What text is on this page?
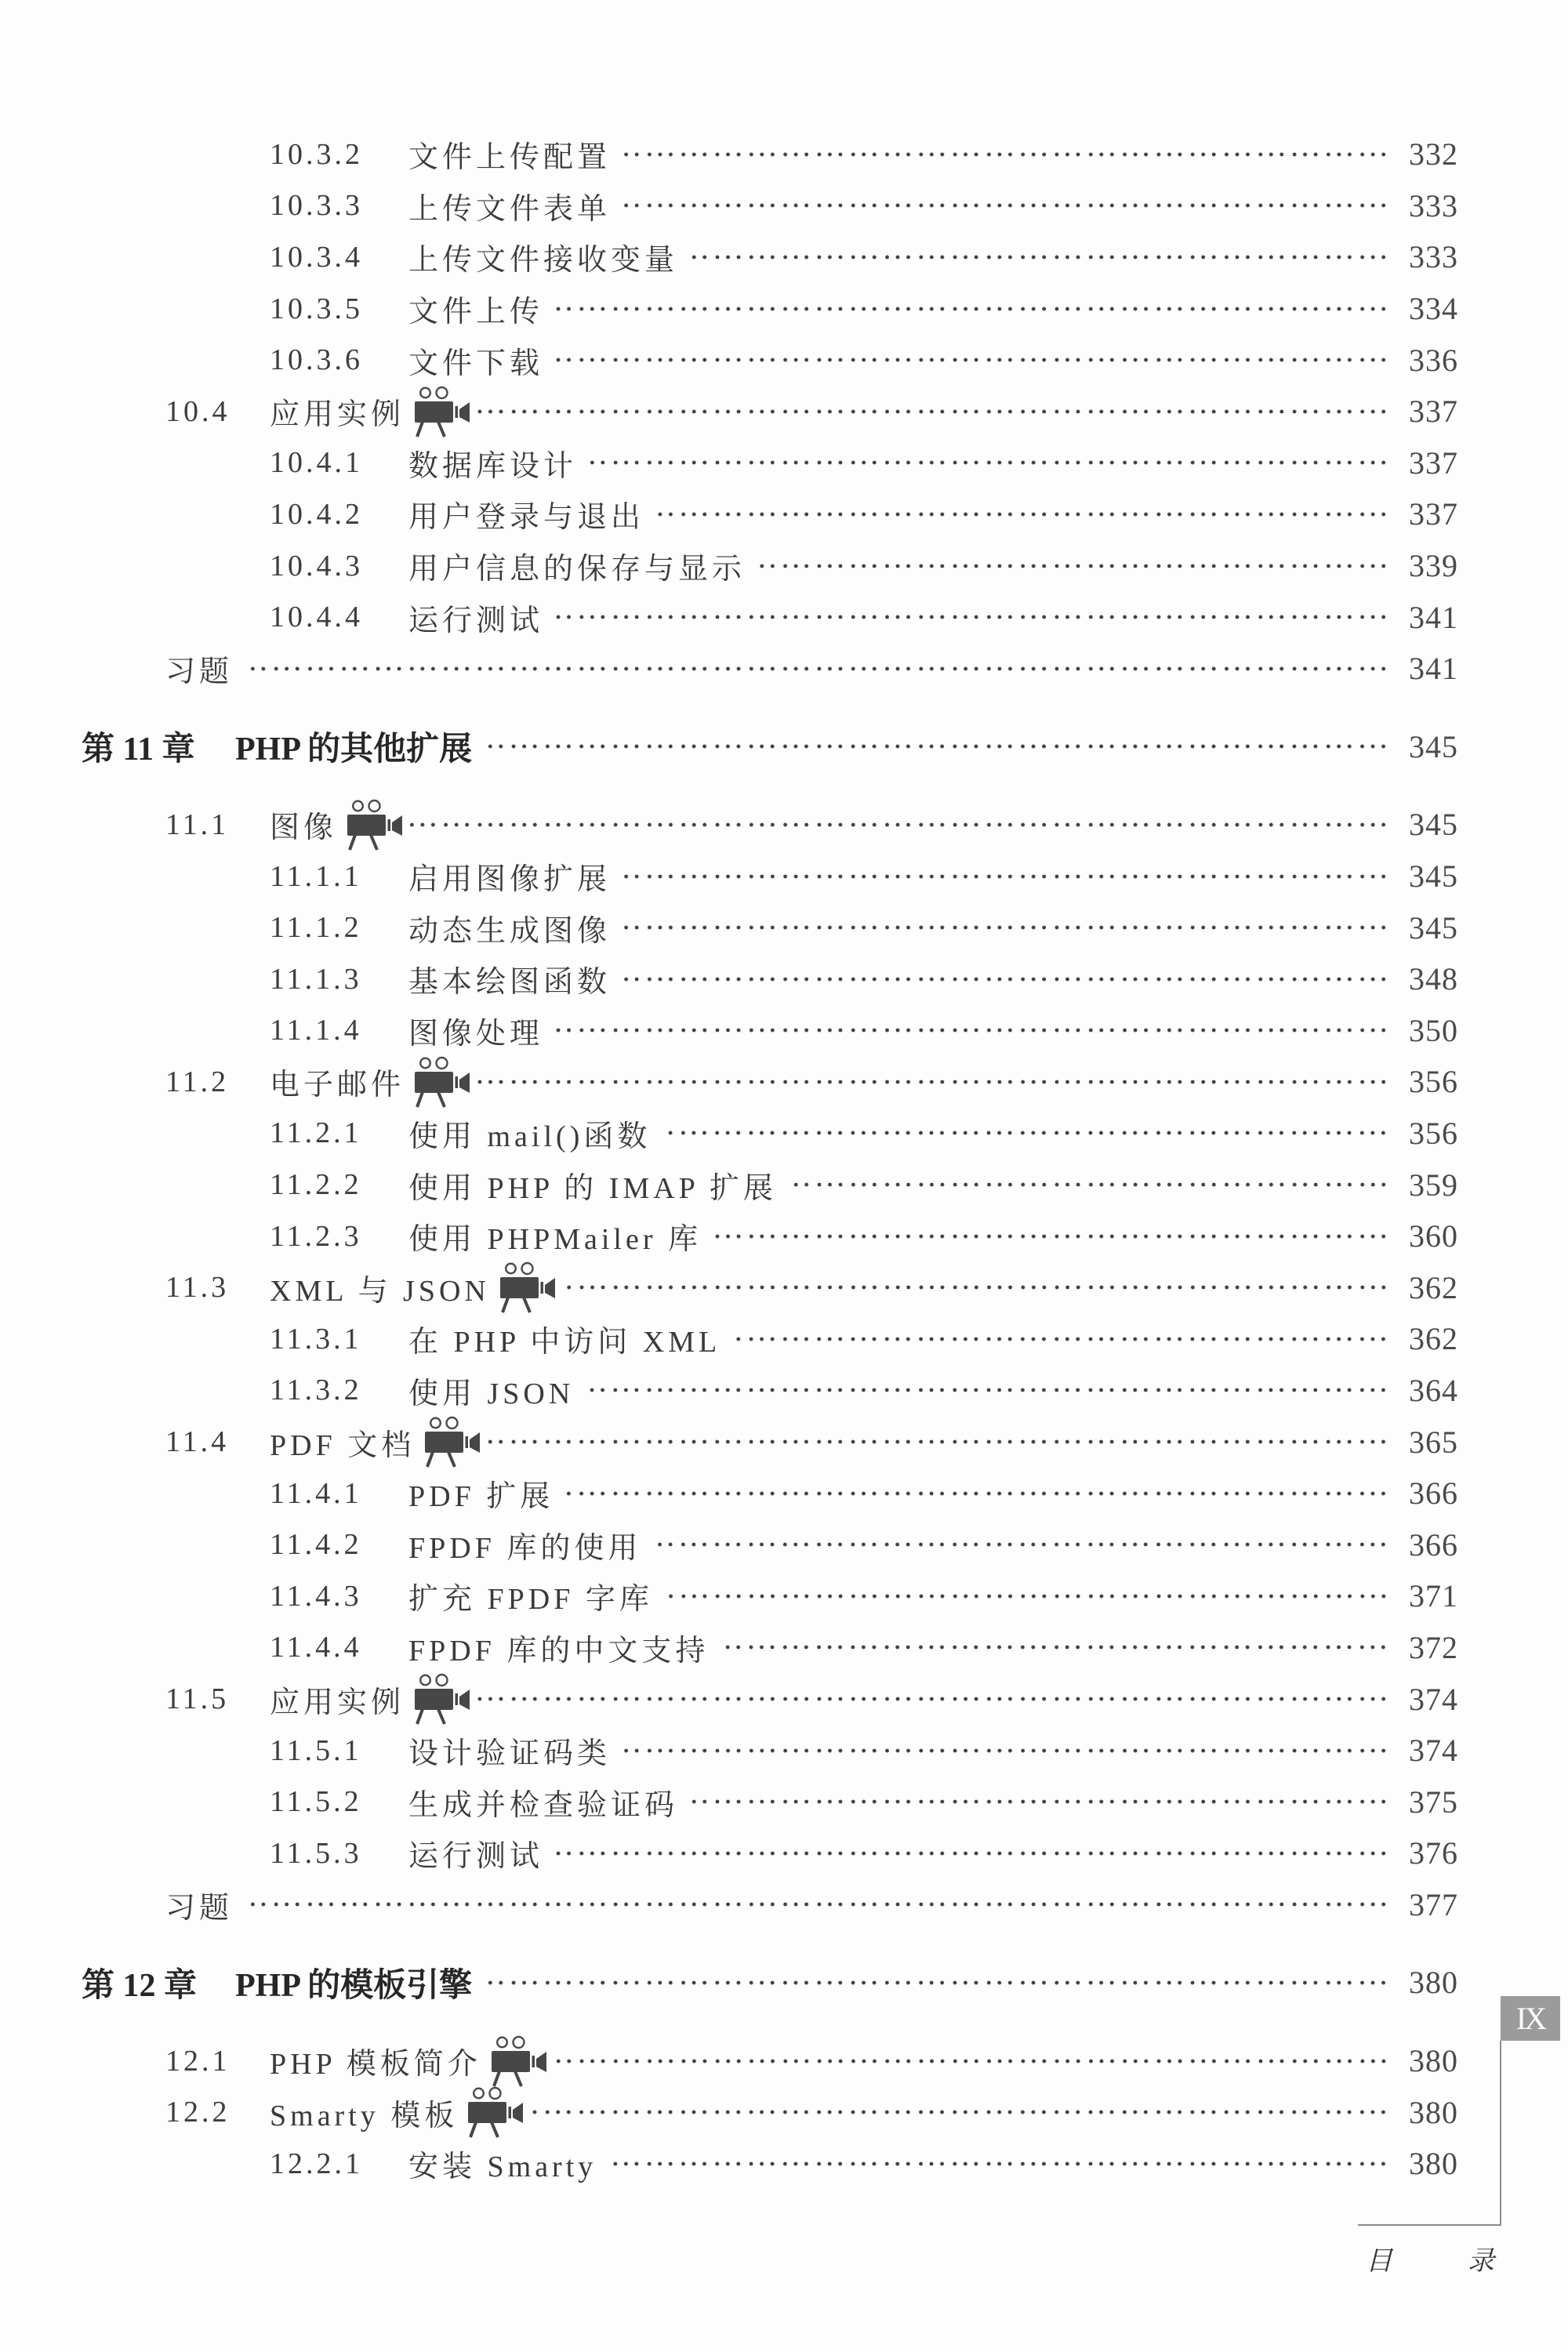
10.3.2	文件上传配置	332
10.3.3	上传文件表单	333
10.3.4	上传文件接收变量	333
10.3.5	文件上传	334
10.3.6	文件下载	336
10.4	应用实例	337
10.4.1	数据库设计	337
10.4.2	用户登录与退出	337
10.4.3	用户信息的保存与显示	339
10.4.4	运行测试	341
习题	341
第 11 章	PHP 的其他扩展	345
11.1	图像	345
11.1.1	启用图像扩展	345
11.1.2	动态生成图像	345
11.1.3	基本绘图函数	348
11.1.4	图像处理	350
11.2	电子邮件	356
11.2.1	使用 mail()函数	356
11.2.2	使用 PHP 的 IMAP 扩展	359
11.2.3	使用 PHPMailer 库	360
11.3	XML 与 JSON	362
11.3.1	在 PHP 中访问 XML	362
11.3.2	使用 JSON	364
11.4	PDF 文档	365
11.4.1	PDF 扩展	366
11.4.2	FPDF 库的使用	366
11.4.3	扩充 FPDF 字库	371
11.4.4	FPDF 库的中文支持	372
11.5	应用实例	374
11.5.1	设计验证码类	374
11.5.2	生成并检查验证码	375
11.5.3	运行测试	376
习题	377
第 12 章	PHP 的模板引擎	380
12.1	PHP 模板简介	380
12.2	Smarty 模板	380
12.2.1	安装 Smarty	380
IX
目	录
